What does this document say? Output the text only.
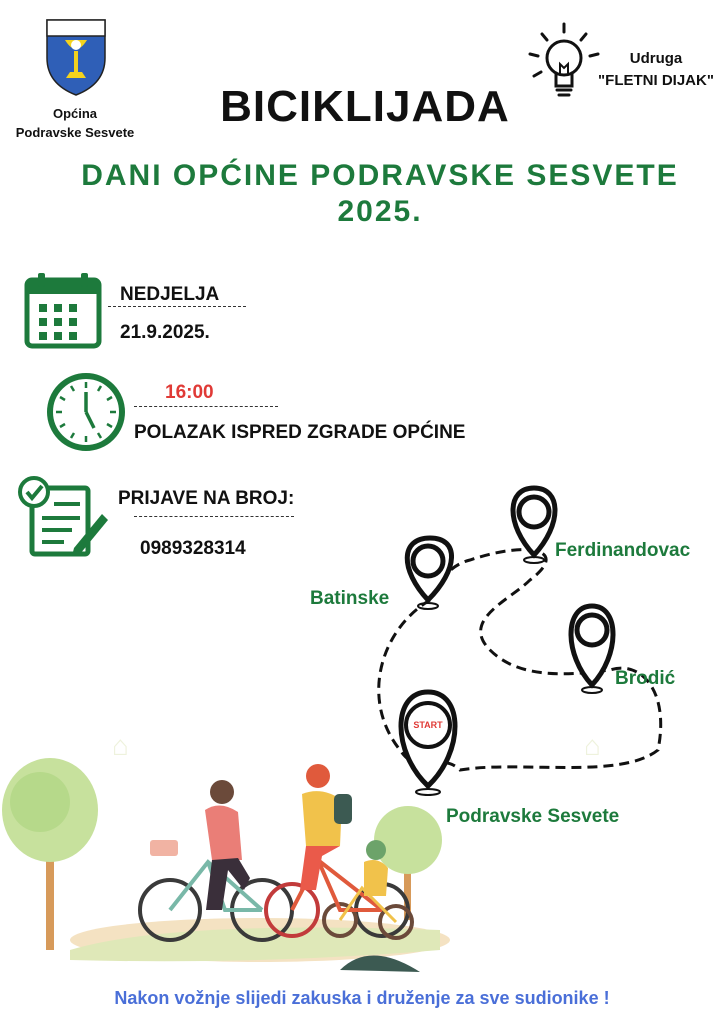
Općina
Podravske Sesvete
Udruga
"FLETNI DIJAK"
BICIKLIJADA
DANI OPĆINE PODRAVSKE SESVETE
2025.
NEDJELJA
21.9.2025.
16:00
POLAZAK ISPRED ZGRADE OPĆINE
PRIJAVE NA BROJ:
0989328314
START
Batinske
Ferdinandovac
Brodić
Podravske Sesvete
⌂	⌂
Nakon vožnje slijedi zakuska i druženje za sve sudionike !
